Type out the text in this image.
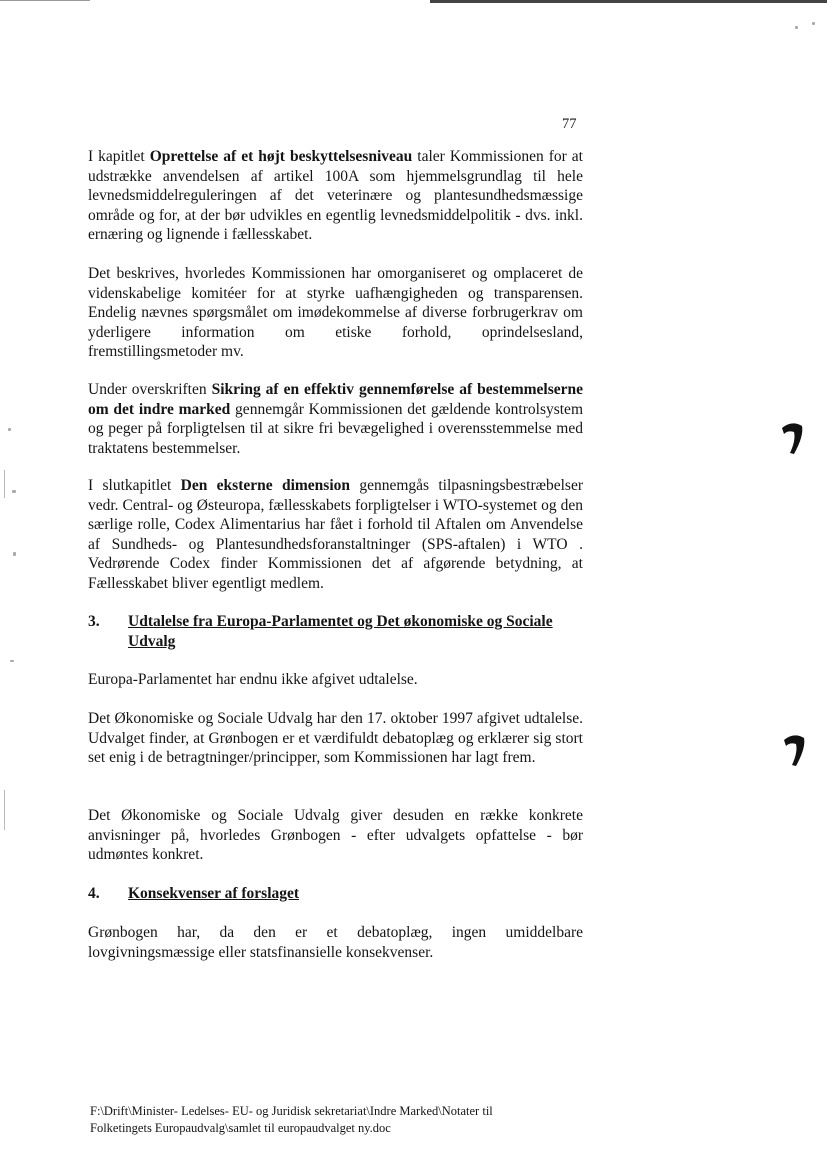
77

I kapitlet Oprettelse af et højt beskyttelsesniveau taler Kommissionen for at udstrække anvendelsen af artikel 100A som hjemmelsgrundlag til hele levnedsmiddelreguleringen af det veterinære og plantesundhedsmæssige område og for, at der bør udvikles en egentlig levnedsmiddelpolitik - dvs. inkl. ernæring og lignende i fællesskabet.

Det beskrives, hvorledes Kommissionen har omorganiseret og omplaceret de videnskabelige komitéer for at styrke uafhængigheden og transparensen. Endelig nævnes spørgsmålet om imødekommelse af diverse forbrugerkrav om yderligere information om etiske forhold, oprindelsesland, fremstillingsmetoder mv.

Under overskriften Sikring af en effektiv gennemførelse af bestemmelserne om det indre marked gennemgår Kommissionen det gældende kontrolsystem og peger på forpligtelsen til at sikre fri bevægelighed i overensstemmelse med traktatens bestemmelser.

I slutkapitlet Den eksterne dimension gennemgås tilpasningsbestræbelser vedr. Central- og Østeuropa, fællesskabets forpligtelser i WTO-systemet og den særlige rolle, Codex Alimentarius har fået i forhold til Aftalen om Anvendelse af Sundheds- og Plantesundhedsforanstaltninger (SPS-aftalen) i WTO . Vedrørende Codex finder Kommissionen det af afgørende betydning, at Fællesskabet bliver egentligt medlem.

3.	Udtalelse fra Europa-Parlamentet og Det økonomiske og Sociale Udvalg

Europa-Parlamentet har endnu ikke afgivet udtalelse.

Det Økonomiske og Sociale Udvalg har den 17. oktober 1997 afgivet udtalelse. Udvalget finder, at Grønbogen er et værdifuldt debatoplæg og erklærer sig stort set enig i de betragtninger/principper, som Kommissionen har lagt frem.

Det Økonomiske og Sociale Udvalg giver desuden en række konkrete anvisninger på, hvorledes Grønbogen - efter udvalgets opfattelse - bør udmøntes konkret.

4.	Konsekvenser af forslaget

Grønbogen har, da den er et debatoplæg, ingen umiddelbare lovgivningsmæssige eller statsfinansielle konsekvenser.

F:\Drift\Minister- Ledelses- EU- og Juridisk sekretariat\Indre Marked\Notater til
Folketingets Europaudvalg\samlet til europaudvalget ny.doc
